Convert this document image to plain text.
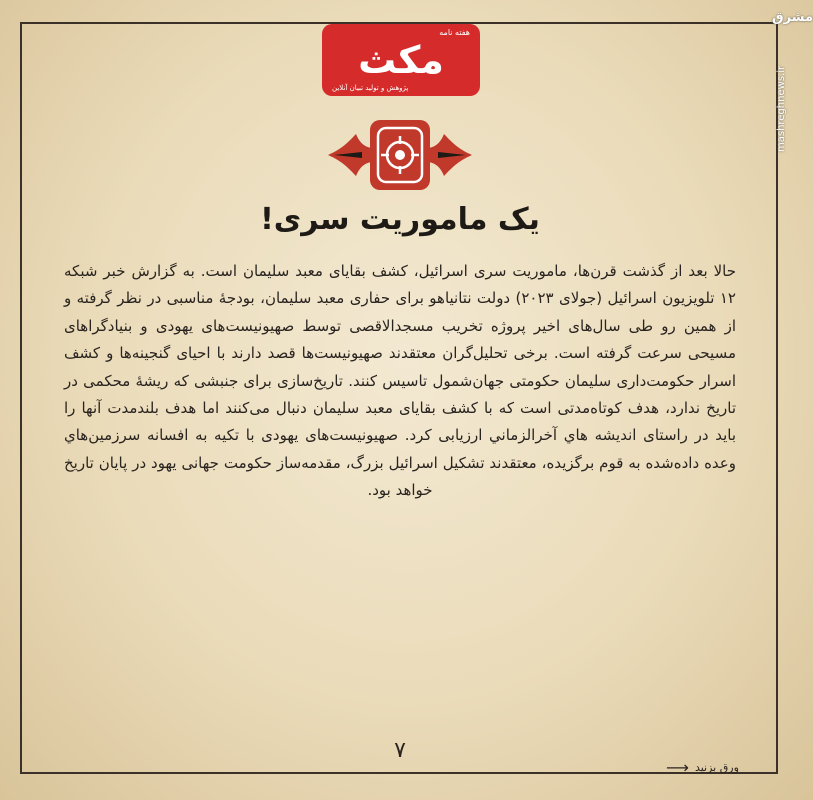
هفته نامه
مکث
پژوهش و تولید تبیان آنلاین
مشرق
mashreghnews.ir
یک ماموریت سری!
حالا بعد از گذشت قرن‌ها، ماموریت سری اسرائیل، کشف بقایای معبد سلیمان است. به گزارش خبر شبکه ۱۲ تلویزیون اسرائیل (جولای ۲۰۲۳) دولت نتانیاهو برای حفاری معبد سلیمان، بودجهٔ مناسبی در نظر گرفته و از همین رو طی سال‌های اخیر پروژه تخریب مسجدالاقصی توسط صهیونیست‌های یهودی و بنیادگراهای مسیحی سرعت گرفته است. برخی تحلیل‌گران معتقدند صهیونیست‌ها قصد دارند با احیای گنجینه‌ها و کشف اسرار حکومت‌داری سلیمان حکومتی جهان‌شمول تاسیس کنند. تاریخ‌سازی برای جنبشی که ریشهٔ محکمی در تاریخ ندارد، هدف کوتاه‌مدتی است که با کشف بقایای معبد سلیمان دنبال می‌کنند اما هدف بلندمدت آنها را باید در راستای اندیشه هاي آخرالزماني ارزيابی کرد. صهیونیست‌های یهودی با تکیه به افسانه سرزمین‌هاي وعده داده‌شده به قوم برگزیده، معتقدند تشکیل اسرائیل بزرگ، مقدمه‌ساز حکومت جهانی یهود در پایان تاریخ خواهد بود.
۷
⟶ ورق بزنید
